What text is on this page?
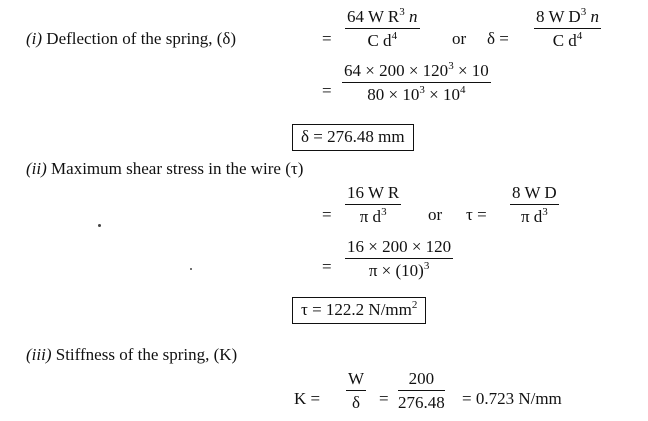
(i) Deflection of the spring, (δ)	= $\frac{64 W R^3 n}{C d^4}$ or $\delta = \frac{8 W D^3 n}{C d^4}$
= $\frac{64 \times 200 \times 120^3 \times 10}{80 \times 10^3 \times 10^4}$
δ = 276.48 mm
(ii) Maximum shear stress in the wire (τ)
= $\frac{\text{16 W R}}{\pi d^3}$ or $\tau = \frac{\text{8 W D}}{\pi d^3}$
= $\frac{16 \times 200 \times 120}{\pi \times (10)^3}$
τ = 122.2 $N/mm^2$
(iii) Stiffness of the spring, (K)
$K = \frac{W}{\delta} = \frac{200}{276.48} = 0.723$ N/mm
